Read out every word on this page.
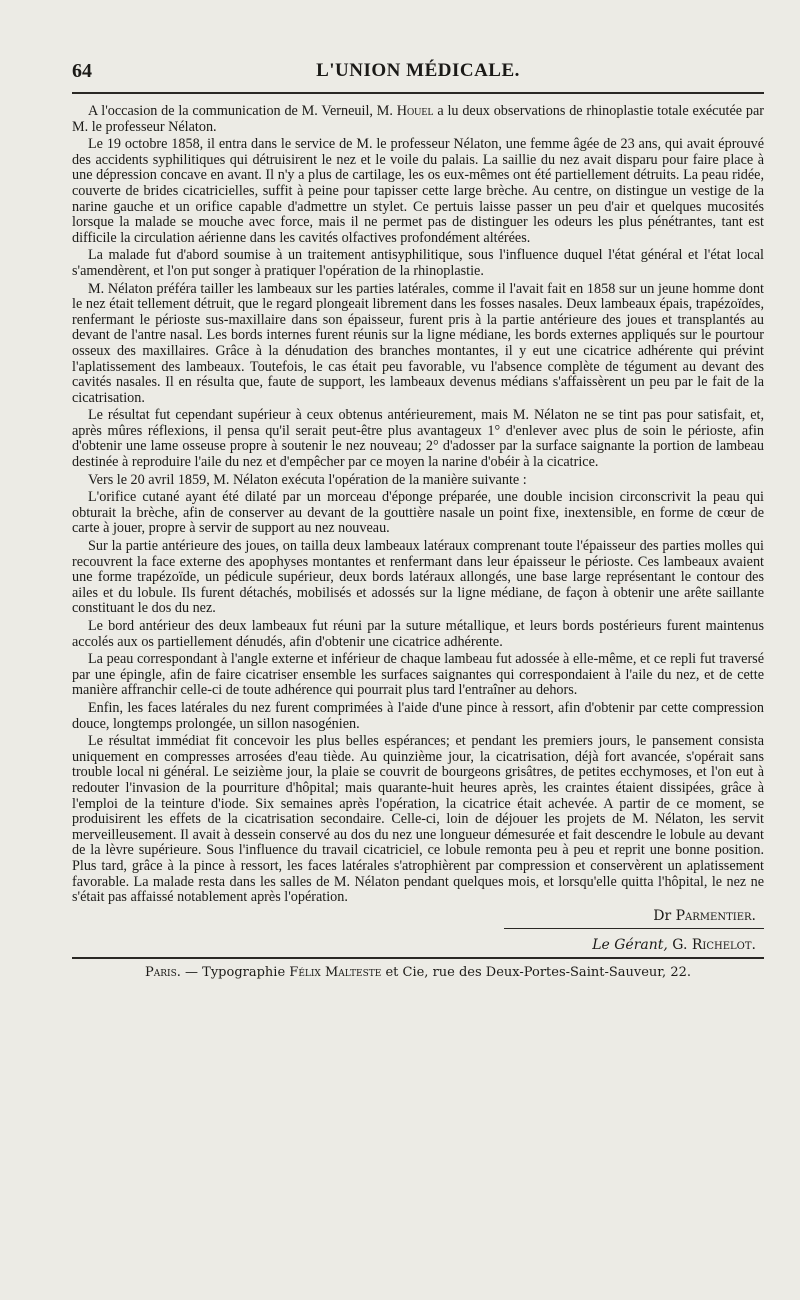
64	L'UNION MÉDICALE.

A l'occasion de la communication de M. Verneuil, M. Houel a lu deux observations de rhinoplastie totale exécutée par M. le professeur Nélaton.

Le 19 octobre 1858, il entra dans le service de M. le professeur Nélaton, une femme âgée de 23 ans, qui avait éprouvé des accidents syphilitiques qui détruisirent le nez et le voile du palais. La saillie du nez avait disparu pour faire place à une dépression concave en avant. Il n'y a plus de cartilage, les os eux-mêmes ont été partiellement détruits. La peau ridée, couverte de brides cicatricielles, suffit à peine pour tapisser cette large brèche. Au centre, on distingue un vestige de la narine gauche et un orifice capable d'admettre un stylet. Ce pertuis laisse passer un peu d'air et quelques mucosités lorsque la malade se mouche avec force, mais il ne permet pas de distinguer les odeurs les plus pénétrantes, tant est difficile la circulation aérienne dans les cavités olfactives profondément altérées.

La malade fut d'abord soumise à un traitement antisyphilitique, sous l'influence duquel l'état général et l'état local s'amendèrent, et l'on put songer à pratiquer l'opération de la rhinoplastie.

M. Nélaton préféra tailler les lambeaux sur les parties latérales, comme il l'avait fait en 1858 sur un jeune homme dont le nez était tellement détruit, que le regard plongeait librement dans les fosses nasales. Deux lambeaux épais, trapézoïdes, renfermant le périoste sus-maxillaire dans son épaisseur, furent pris à la partie antérieure des joues et transplantés au devant de l'antre nasal. Les bords internes furent réunis sur la ligne médiane, les bords externes appliqués sur le pourtour osseux des maxillaires. Grâce à la dénudation des branches montantes, il y eut une cicatrice adhérente qui prévint l'aplatissement des lambeaux. Toutefois, le cas était peu favorable, vu l'absence complète de tégument au devant des cavités nasales. Il en résulta que, faute de support, les lambeaux devenus médians s'affaissèrent un peu par le fait de la cicatrisation.

Le résultat fut cependant supérieur à ceux obtenus antérieurement, mais M. Nélaton ne se tint pas pour satisfait, et, après mûres réflexions, il pensa qu'il serait peut-être plus avantageux 1° d'enlever avec plus de soin le périoste, afin d'obtenir une lame osseuse propre à soutenir le nez nouveau; 2° d'adosser par la surface saignante la portion de lambeau destinée à reproduire l'aile du nez et d'empêcher par ce moyen la narine d'obéir à la cicatrice.

Vers le 20 avril 1859, M. Nélaton exécuta l'opération de la manière suivante :

L'orifice cutané ayant été dilaté par un morceau d'éponge préparée, une double incision circonscrivit la peau qui obturait la brèche, afin de conserver au devant de la gouttière nasale un point fixe, inextensible, en forme de cœur de carte à jouer, propre à servir de support au nez nouveau.

Sur la partie antérieure des joues, on tailla deux lambeaux latéraux comprenant toute l'épaisseur des parties molles qui recouvrent la face externe des apophyses montantes et renfermant dans leur épaisseur le périoste. Ces lambeaux avaient une forme trapézoïde, un pédicule supérieur, deux bords latéraux allongés, une base large représentant le contour des ailes et du lobule. Ils furent détachés, mobilisés et adossés sur la ligne médiane, de façon à obtenir une arête saillante constituant le dos du nez.

Le bord antérieur des deux lambeaux fut réuni par la suture métallique, et leurs bords postérieurs furent maintenus accolés aux os partiellement dénudés, afin d'obtenir une cicatrice adhérente.

La peau correspondant à l'angle externe et inférieur de chaque lambeau fut adossée à elle-même, et ce repli fut traversé par une épingle, afin de faire cicatriser ensemble les surfaces saignantes qui correspondaient à l'aile du nez, et de cette manière affranchir celle-ci de toute adhérence qui pourrait plus tard l'entraîner au dehors.

Enfin, les faces latérales du nez furent comprimées à l'aide d'une pince à ressort, afin d'obtenir par cette compression douce, longtemps prolongée, un sillon nasogénien.

Le résultat immédiat fit concevoir les plus belles espérances; et pendant les premiers jours, le pansement consista uniquement en compresses arrosées d'eau tiède. Au quinzième jour, la cicatrisation, déjà fort avancée, s'opérait sans trouble local ni général. Le seizième jour, la plaie se couvrit de bourgeons grisâtres, de petites ecchymoses, et l'on eut à redouter l'invasion de la pourriture d'hôpital; mais quarante-huit heures après, les craintes étaient dissipées, grâce à l'emploi de la teinture d'iode. Six semaines après l'opération, la cicatrice était achevée. A partir de ce moment, se produisirent les effets de la cicatrisation secondaire. Celle-ci, loin de déjouer les projets de M. Nélaton, les servit merveilleusement. Il avait à dessein conservé au dos du nez une longueur démesurée et fait descendre le lobule au devant de la lèvre supérieure. Sous l'influence du travail cicatriciel, ce lobule remonta peu à peu et reprit une bonne position. Plus tard, grâce à la pince à ressort, les faces latérales s'atrophièrent par compression et conservèrent un aplatissement favorable. La malade resta dans les salles de M. Nélaton pendant quelques mois, et lorsqu'elle quitta l'hôpital, le nez ne s'était pas affaissé notablement après l'opération.

Dr Parmentier.
Le Gérant, G. Richelot.
Paris. — Typographie Félix Malteste et Cie, rue des Deux-Portes-Saint-Sauveur, 22.
